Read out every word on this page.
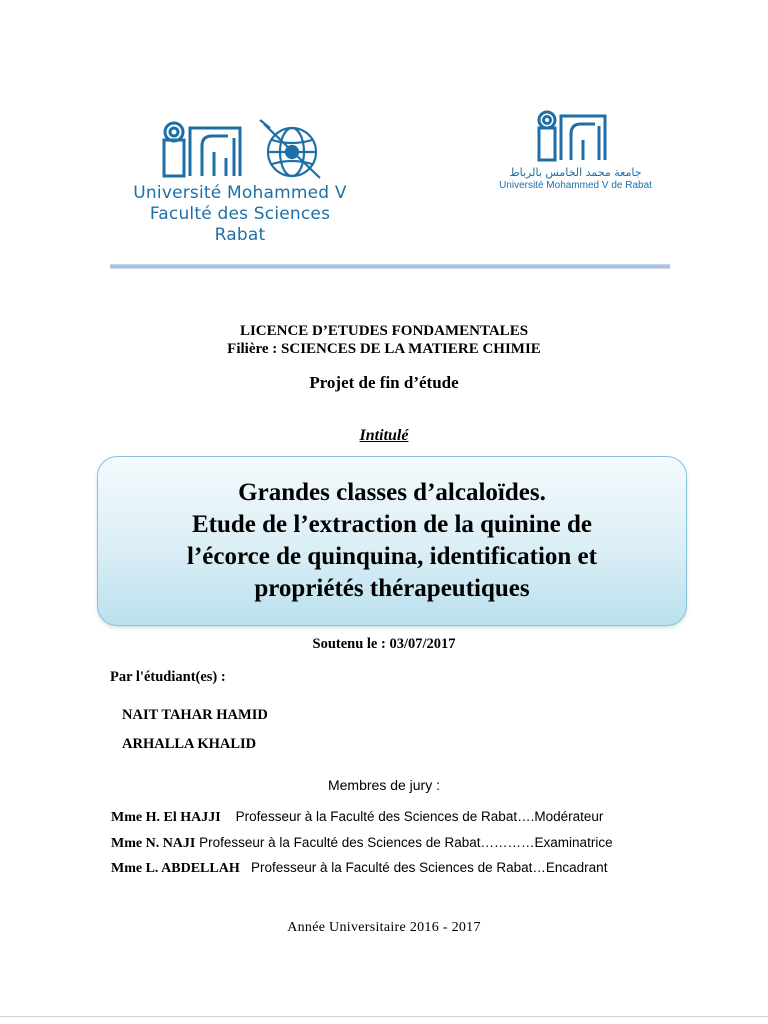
Université Mohammed V
Faculté des Sciences
Rabat
جامعة محمد الخامس بالرباط
Université Mohammed V de Rabat
LICENCE D’ETUDES FONDAMENTALES
Filière : SCIENCES DE LA MATIERE CHIMIE
Projet de fin d’étude
Intitulé
Grandes classes d’alcaloïdes.
Etude de l’extraction de la quinine de
l’écorce de quinquina, identification et
propriétés thérapeutiques
Soutenu le : 03/07/2017
Par l'étudiant(es) :
NAIT TAHAR HAMID
ARHALLA KHALID
Membres de jury :
Mme H. El HAJJI Professeur à la Faculté des Sciences de Rabat….Modérateur
Mme N. NAJI Professeur à la Faculté des Sciences de Rabat…………Examinatrice
Mme L. ABDELLAH Professeur à la Faculté des Sciences de Rabat…Encadrant
Année Universitaire 2016 - 2017
